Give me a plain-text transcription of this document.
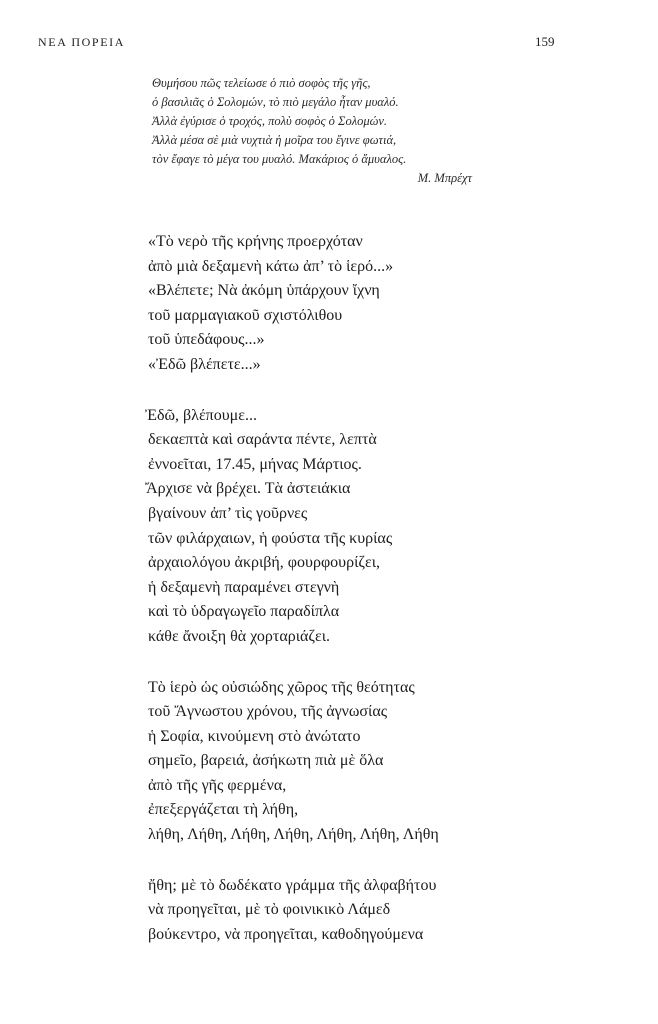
ΝΕΑ ΠΟΡΕΙΑ	159
Θυμήσου πῶς τελείωσε ὁ πιὸ σοφὸς τῆς γῆς,
ὁ βασιλιᾶς ὁ Σολομών, τὸ πιὸ μεγάλο ἦταν μυαλό.
Ἀλλὰ ἐγύρισε ὁ τροχός, πολὺ σοφὸς ὁ Σολομών.
Ἀλλὰ μέσα σὲ μιὰ νυχτιὰ ἡ μοῖρα του ἔγινε φωτιά,
τὸν ἔφαγε τὸ μέγα του μυαλό. Μακάριος ὁ ἄμυαλος.
Μ. Μπρέχτ
«Τὸ νερὸ τῆς κρήνης προερχόταν
ἀπὸ μιὰ δεξαμενὴ κάτω ἀπ’ τὸ ἱερό...»
«Βλέπετε; Νὰ ἀκόμη ὑπάρχουν ἴχνη
τοῦ μαρμαγιακοῦ σχιστόλιθου
τοῦ ὑπεδάφους...»
«Ἐδῶ βλέπετε...»
Ἐδῶ, βλέπουμε...
δεκαεπτὰ καὶ σαράντα πέντε, λεπτὰ
ἐννοεῖται, 17.45, μήνας Μάρτιος.
Ἄρχισε νὰ βρέχει. Τὰ ἀστειάκια
βγαίνουν ἀπ’ τὶς γοῦρνες
τῶν φιλάρχαιων, ἡ φούστα τῆς κυρίας
ἀρχαιολόγου ἀκριβή, φουρφουρίζει,
ἡ δεξαμενὴ παραμένει στεγνὴ
καὶ τὸ ὑδραγωγεῖο παραδίπλα
κάθε ἄνοιξη θὰ χορταριάζει.
Τὸ ἱερὸ ὡς οὐσιώδης χῶρος τῆς θεότητας
τοῦ Ἄγνωστου χρόνου, τῆς ἀγνωσίας
ἡ Σοφία, κινούμενη στὸ ἀνώτατο
σημεῖο, βαρειά, ἀσήκωτη πιὰ μὲ ὅλα
ἀπὸ τῆς γῆς φερμένα,
ἐπεξεργάζεται τὴ λήθη,
λήθη, Λήθη, Λήθη, Λήθη, Λήθη, Λήθη, Λήθη
ἤθη; μὲ τὸ δωδέκατο γράμμα τῆς ἀλφαβήτου
νὰ προηγεῖται, μὲ τὸ φοινικικὸ Λάμεδ
βούκεντρο, νὰ προηγεῖται, καθοδηγούμενα
